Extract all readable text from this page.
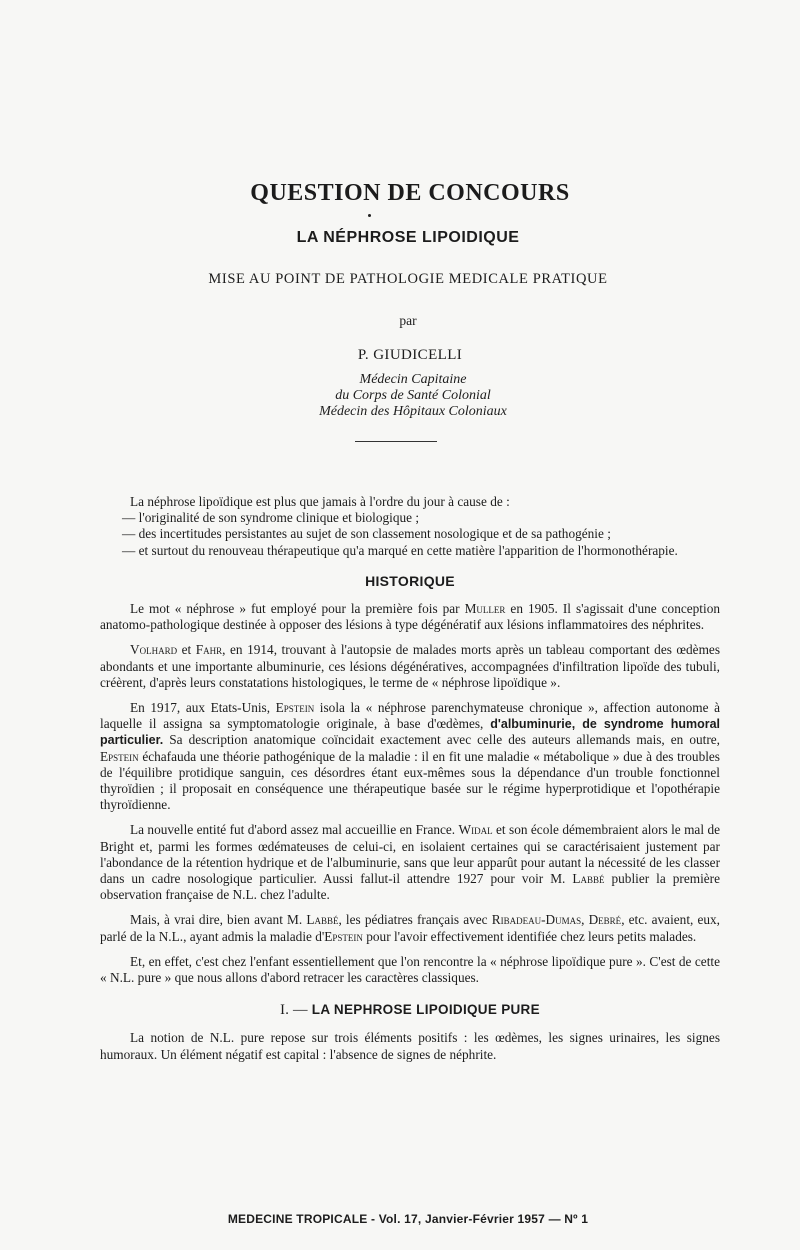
QUESTION DE CONCOURS
LA NÉPHROSE LIPOIDIQUE
MISE AU POINT DE PATHOLOGIE MEDICALE PRATIQUE
par
P. GIUDICELLI
Médecin Capitaine
du Corps de Santé Colonial
Médecin des Hôpitaux Coloniaux

La néphrose lipoïdique est plus que jamais à l'ordre du jour à cause de :

— l'originalité de son syndrome clinique et biologique ;
— des incertitudes persistantes au sujet de son classement nosologique et de sa pathogénie ;
— et surtout du renouveau thérapeutique qu'a marqué en cette matière l'apparition de l'hormonothérapie.
HISTORIQUE

Le mot « néphrose » fut employé pour la première fois par Muller en 1905. Il s'agissait d'une conception anatomo-pathologique destinée à opposer des lésions à type dégénératif aux lésions inflammatoires des néphrites.

Volhard et Fahr, en 1914, trouvant à l'autopsie de malades morts après un tableau comportant des œdèmes abondants et une importante albuminurie, ces lésions dégénératives, accompagnées d'infiltration lipoïde des tubuli, créèrent, d'après leurs constatations histologiques, le terme de « néphrose lipoïdique ».

En 1917, aux Etats-Unis, Epstein isola la « néphrose parenchymateuse chronique », affection autonome à laquelle il assigna sa symptomatologie originale, à base d'œdèmes, d'albuminurie, de syndrome humoral particulier. Sa description anatomique coïncidait exactement avec celle des auteurs allemands mais, en outre, Epstein échafauda une théorie pathogénique de la maladie : il en fit une maladie « métabolique » due à des troubles de l'équilibre protidique sanguin, ces désordres étant eux-mêmes sous la dépendance d'un trouble fonctionnel thyroïdien ; il proposait en conséquence une thérapeutique basée sur le régime hyperprotidique et l'opothérapie thyroïdienne.

La nouvelle entité fut d'abord assez mal accueillie en France. Widal et son école démembraient alors le mal de Bright et, parmi les formes œdémateuses de celui-ci, en isolaient certaines qui se caractérisaient justement par l'abondance de la rétention hydrique et de l'albuminurie, sans que leur apparût pour autant la nécessité de les classer dans un cadre nosologique particulier. Aussi fallut-il attendre 1927 pour voir M. Labbé publier la première observation française de N.L. chez l'adulte.

Mais, à vrai dire, bien avant M. Labbé, les pédiatres français avec Ribadeau-Dumas, Debré, etc. avaient, eux, parlé de la N.L., ayant admis la maladie d'Epstein pour l'avoir effectivement identifiée chez leurs petits malades.

Et, en effet, c'est chez l'enfant essentiellement que l'on rencontre la « néphrose lipoïdique pure ». C'est de cette « N.L. pure » que nous allons d'abord retracer les caractères classiques.

I. — LA NEPHROSE LIPOIDIQUE PURE

La notion de N.L. pure repose sur trois éléments positifs : les œdèmes, les signes urinaires, les signes humoraux. Un élément négatif est capital : l'absence de signes de néphrite.

MEDECINE TROPICALE - Vol. 17, Janvier-Février 1957 — Nº 1
